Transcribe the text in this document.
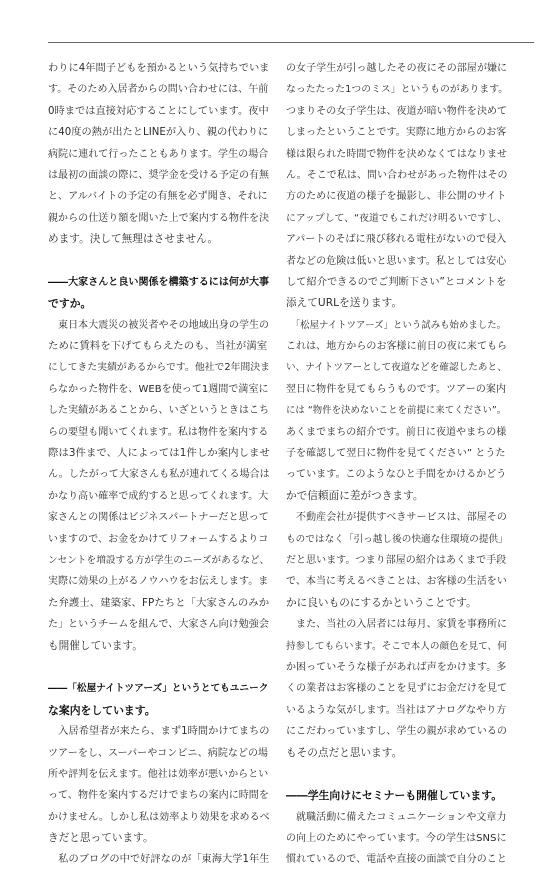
わりに4年間子どもを預かるという気持ちでいま
す。そのため入居者からの問い合わせには、午前
0時までは直接対応することにしています。夜中
に40度の熱が出たとLINEが入り、親の代わりに
病院に連れて行ったこともあります。学生の場合
は最初の面談の際に、奨学金を受ける予定の有無
と、アルバイトの予定の有無を必ず聞き、それに
親からの仕送り額を聞いた上で案内する物件を決
めます。決して無理はさせません。
――大家さんと良い関係を構築するには何が大事
ですか。
　東日本大震災の被災者やその地域出身の学生の
ために賃料を下げてもらえたのも、当社が満室
にしてきた実績があるからです。他社で2年間決ま
らなかった物件を、WEBを使って1週間で満室に
した実績があることから、いざというときはこち
らの要望も聞いてくれます。私は物件を案内する
際は3件まで、人によっては1件しか案内しませ
ん。したがって大家さんも私が連れてくる場合は
かなり高い確率で成約すると思ってくれます。大
家さんとの関係はビジネスパートナーだと思って
いますので、お金をかけてリフォームするよりコ
ンセントを増設する方が学生のニーズがあるなど、
実際に効果の上がるノウハウをお伝えします。ま
た弁護士、建築家、FPたちと「大家さんのみか
た」というチームを組んで、大家さん向け勉強会
も開催しています。
――「松屋ナイトツアーズ」というとてもユニーク
な案内をしています。
　入居希望者が来たら、まず1時間かけてまちの
ツアーをし、スーパーやコンビニ、病院などの場
所や評判を伝えます。他社は効率が悪いからとい
って、物件を案内するだけでまちの案内に時間を
かけません。しかし私は効率より効果を求めるべ
きだと思っています。
　私のブログの中で好評なのが「東海大学1年生
の女子学生が引っ越したその夜にその部屋が嫌に
なったたった1つのミス」というものがあります。
つまりその女子学生は、夜道が暗い物件を決めて
しまったということです。実際に地方からのお客
様は限られた時間で物件を決めなくてはなりませ
ん。そこで私は、問い合わせがあった物件はその
方のために夜道の様子を撮影し、非公開のサイト
にアップして、“夜道でもこれだけ明るいですし、
アパートのそばに飛び移れる電柱がないので侵入
者などの危険は低いと思います。私としては安心
して紹介できるのでご判断下さい”とコメントを
添えてURLを送ります。
　「松屋ナイトツアーズ」という試みも始めました。
これは、地方からのお客様に前日の夜に来てもら
い、ナイトツアーとして夜道などを確認したあと、
翌日に物件を見てもらうものです。ツアーの案内
には “物件を決めないことを前提に来てください”。
あくまでまちの紹介です。前日に夜道やまちの様
子を確認して翌日に物件を見てください” とうた
っています。このようなひと手間をかけるかどう
かで信頼面に差がつきます。
　不動産会社が提供すべきサービスは、部屋その
ものではなく「引っ越し後の快適な住環境の提供」
だと思います。つまり部屋の紹介はあくまで手段
で、本当に考えるべきことは、お客様の生活をい
かに良いものにするかということです。
　また、当社の入居者には毎月、家賃を事務所に
持参してもらいます。そこで本人の顔色を見て、何
か困っていそうな様子があれば声をかけます。多
くの業者はお客様のことを見ずにお金だけを見て
いるような気がします。当社はアナログなやり方
にこだわっていますし、学生の親が求めているの
もその点だと思います。
――学生向けにセミナーも開催しています。
　就職活動に備えたコミュニケーションや文章力
の向上のためにやっています。今の学生はSNSに
慣れているので、電話や直接の面談で自分のこと
